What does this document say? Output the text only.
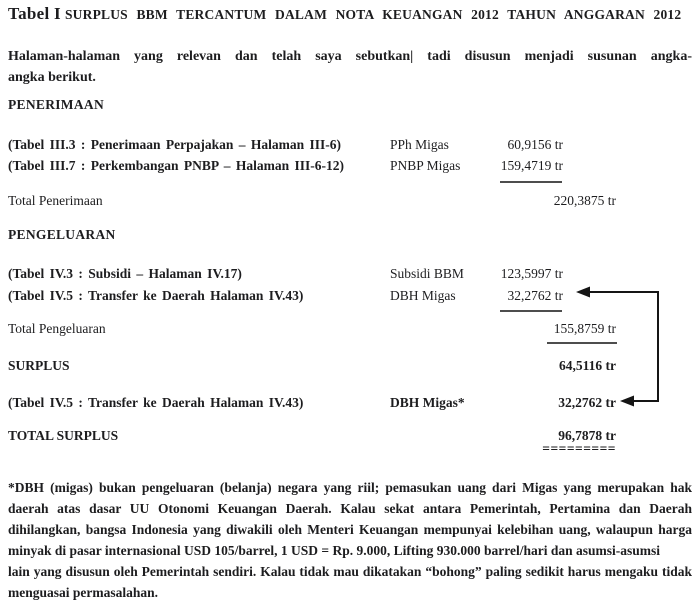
Tabel I SURPLUS BBM TERCANTUM DALAM NOTA KEUANGAN 2012 TAHUN ANGGARAN 2012
Halaman-halaman yang relevan dan telah saya sebutkan| tadi disusun menjadi susunan angka-
angka berikut.
PENERIMAAN
(Tabel III.3 : Penerimaan Perpajakan – Halaman III-6)	PPh Migas	60,9156 tr
(Tabel III.7 : Perkembangan PNBP – Halaman III-6-12)	PNBP Migas	159,4719 tr
Total Penerimaan	220,3875 tr
PENGELUARAN
(Tabel IV.3 : Subsidi – Halaman IV.17)	Subsidi BBM	123,5997 tr
(Tabel IV.5 : Transfer ke Daerah Halaman IV.43)	DBH Migas	32,2762 tr
Total Pengeluaran	155,8759 tr
SURPLUS	64,5116 tr
(Tabel IV.5 : Transfer ke Daerah Halaman IV.43)	DBH Migas*	32,2762 tr
TOTAL SURPLUS	96,7878 tr
=========
*DBH (migas) bukan pengeluaran (belanja) negara yang riil; pemasukan uang dari Migas yang merupakan hak
daerah atas dasar UU Otonomi Keuangan Daerah. Kalau sekat antara Pemerintah, Pertamina dan Daerah
dihilangkan, bangsa Indonesia yang diwakili oleh Menteri Keuangan mempunyai kelebihan uang, walaupun harga
minyak di pasar internasional USD 105/barrel, 1 USD = Rp. 9.000, Lifting 930.000 barrel/hari dan asumsi-asumsi
lain yang disusun oleh Pemerintah sendiri. Kalau tidak mau dikatakan “bohong” paling sedikit harus mengaku tidak
menguasai permasalahan.
